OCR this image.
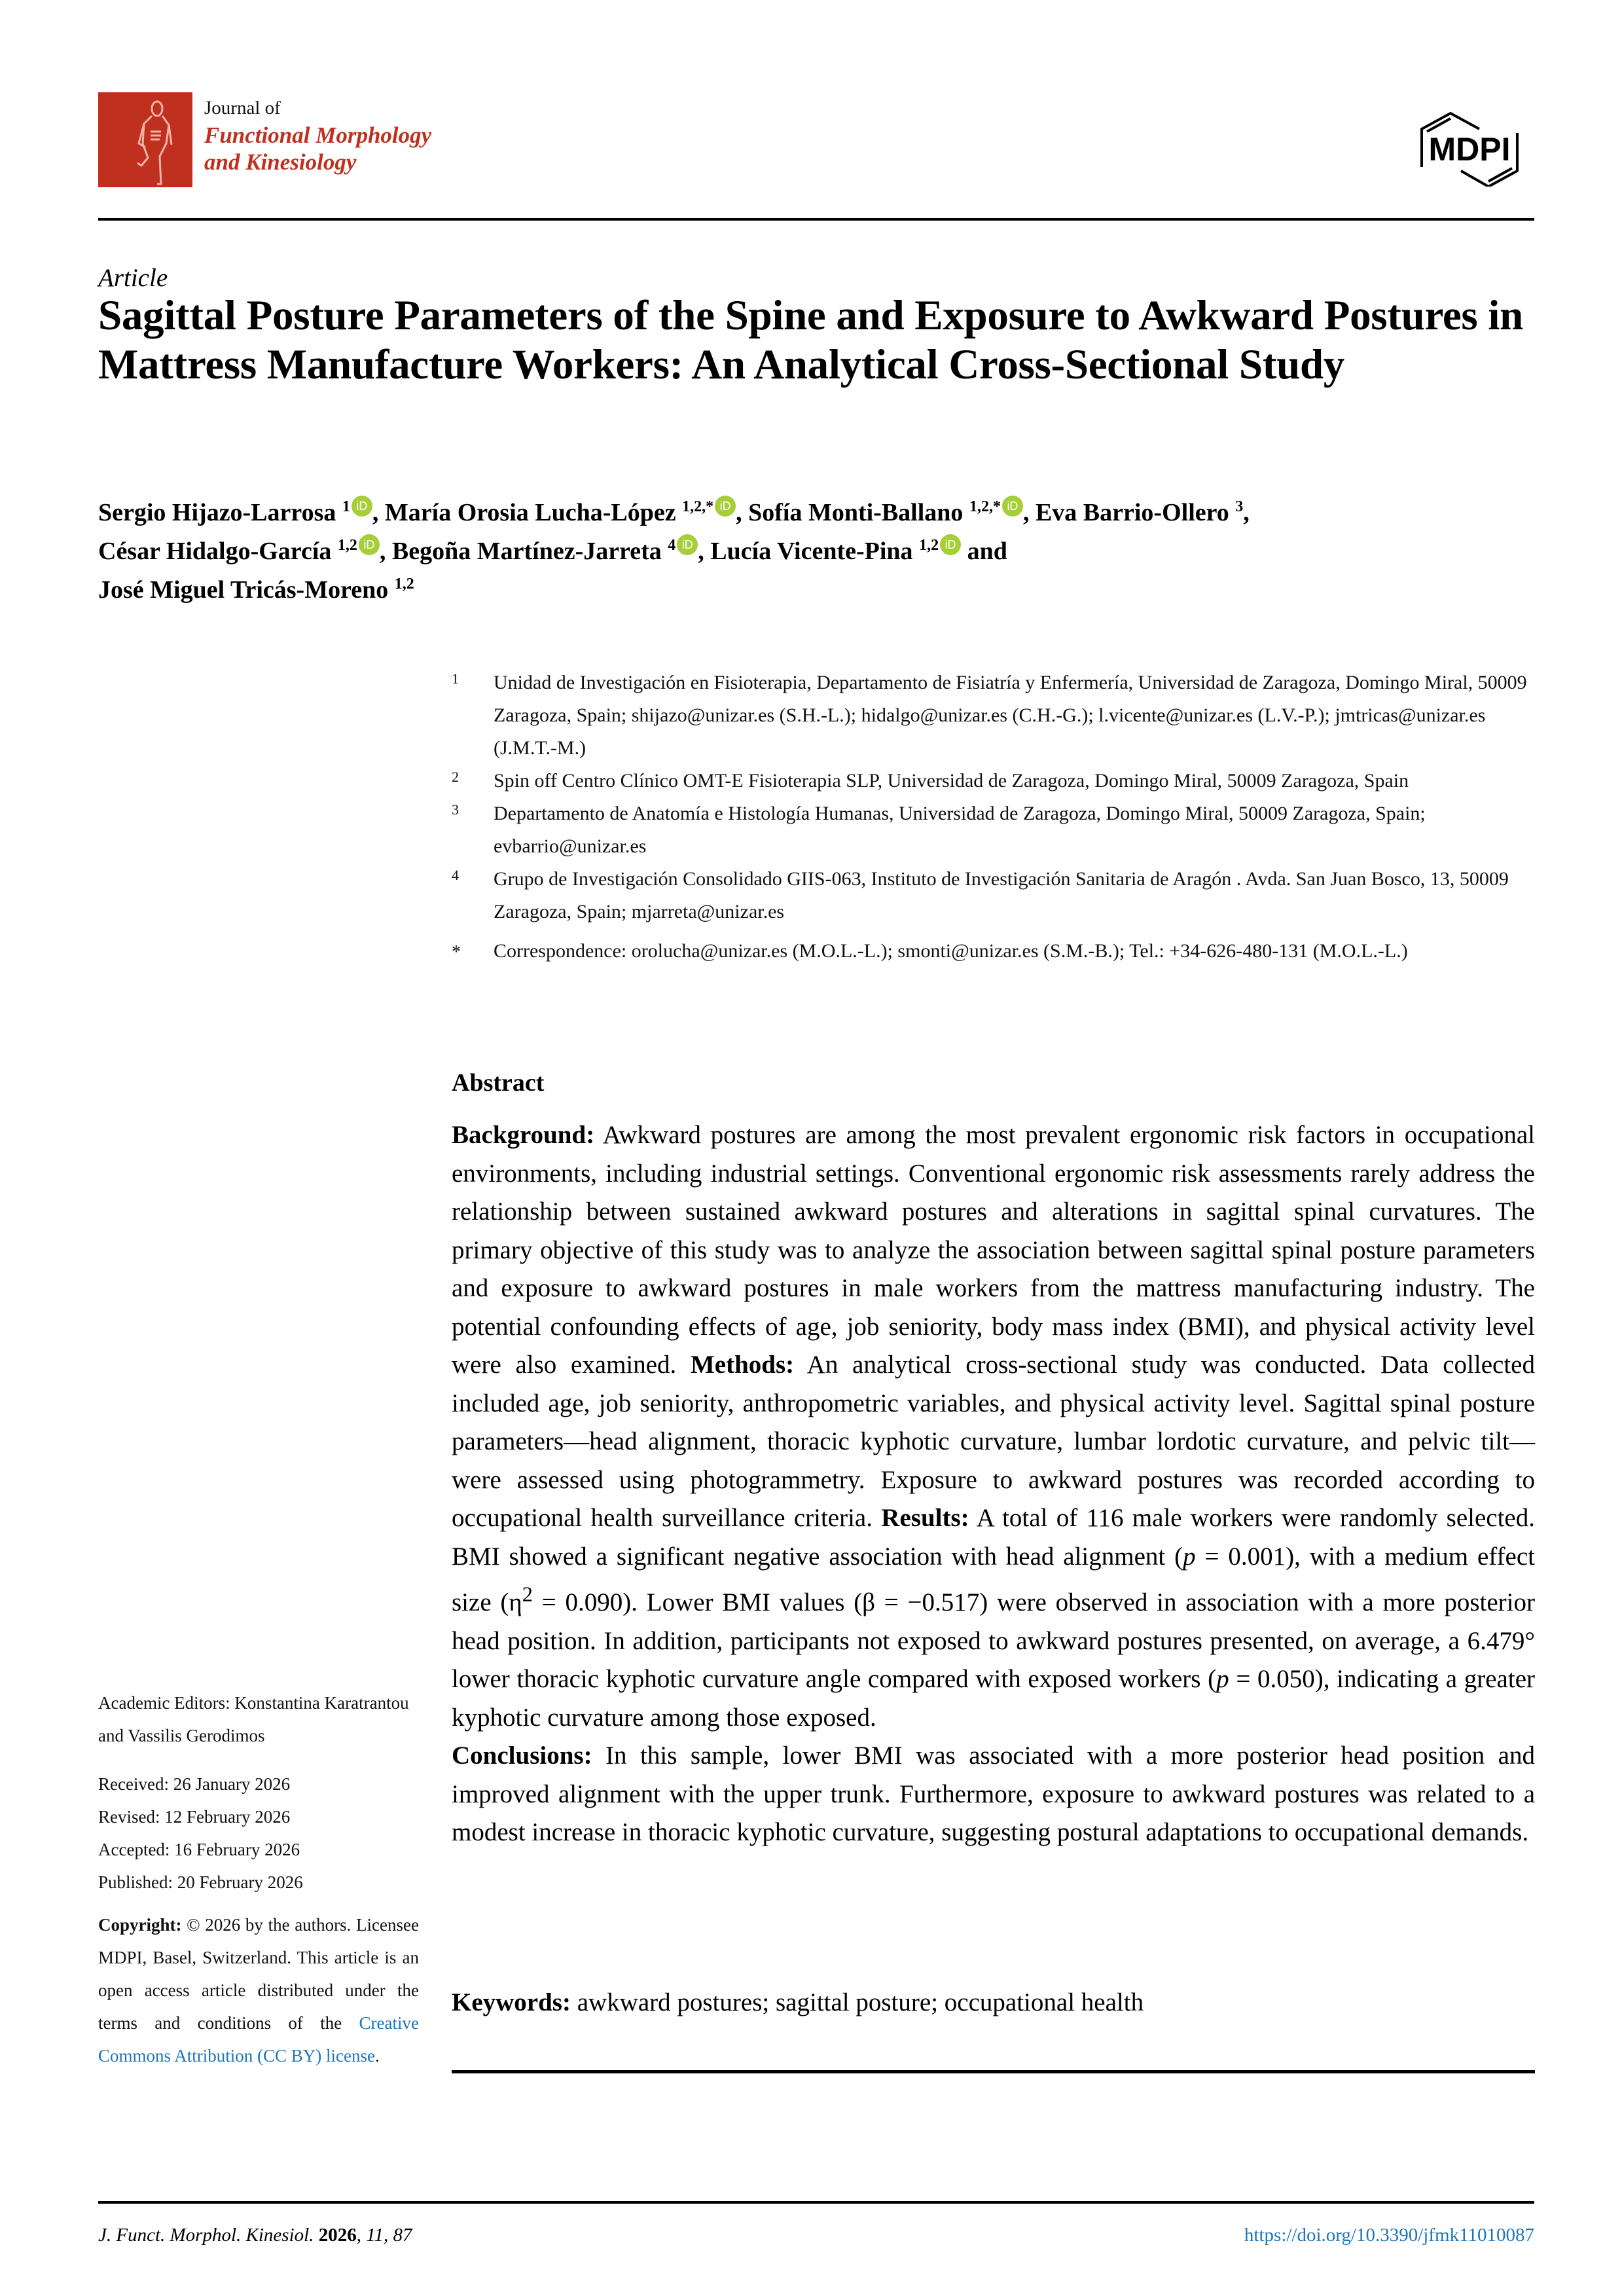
Journal of
Functional Morphology
and Kinesiology	MDPI
Article
Sagittal Posture Parameters of the Spine and Exposure to Awkward Postures in Mattress Manufacture Workers: An Analytical Cross-Sectional Study
Sergio Hijazo-Larrosa $^1$ iD , María Orosia Lucha-López $^{1,2,*}$ iD , Sofía Monti-Ballano $^{1,2,*}$ iD , Eva Barrio-Ollero $^3$,
César Hidalgo-García $^{1,2}$ iD , Begoña Martínez-Jarreta $^4$ iD , Lucía Vicente-Pina $^{1,2}$ iD and
José Miguel Tricás-Moreno $^{1,2}$
1 Unidad de Investigación en Fisioterapia, Departamento de Fisiatría y Enfermería, Universidad de Zaragoza, Domingo Miral, 50009 Zaragoza, Spain; shijazo@unizar.es (S.H.-L.); hidalgo@unizar.es (C.H.-G.); l.vicente@unizar.es (L.V.-P.); jmtricas@unizar.es (J.M.T.-M.)
2 Spin off Centro Clínico OMT-E Fisioterapia SLP, Universidad de Zaragoza, Domingo Miral, 50009 Zaragoza, Spain
3 Departamento de Anatomía e Histología Humanas, Universidad de Zaragoza, Domingo Miral, 50009 Zaragoza, Spain; evbarrio@unizar.es
4 Grupo de Investigación Consolidado GIIS-063, Instituto de Investigación Sanitaria de Aragón . Avda. San Juan Bosco, 13, 50009 Zaragoza, Spain; mjarreta@unizar.es
* Correspondence: orolucha@unizar.es (M.O.L.-L.); smonti@unizar.es (S.M.-B.); Tel.: +34-626-480-131 (M.O.L.-L.)
Abstract
Background: Awkward postures are among the most prevalent ergonomic risk factors in occupational environments, including industrial settings. Conventional ergonomic risk assessments rarely address the relationship between sustained awkward postures and alterations in sagittal spinal curvatures. The primary objective of this study was to analyze the association between sagittal spinal posture parameters and exposure to awkward postures in male workers from the mattress manufacturing industry. The potential confounding effects of age, job seniority, body mass index (BMI), and physical activity level were also examined. Methods: An analytical cross-sectional study was conducted. Data collected included age, job seniority, anthropometric variables, and physical activity level. Sagittal spinal posture parameters—head alignment, thoracic kyphotic curvature, lumbar lordotic curvature, and pelvic tilt—were assessed using photogrammetry. Exposure to awkward postures was recorded according to occupational health surveillance criteria. Results: A total of 116 male workers were randomly selected. BMI showed a significant negative association with head alignment (p = 0.001), with a medium effect size $(\eta^2 = 0.090)$. Lower BMI values (β = −0.517) were observed in association with a more posterior head position. In addition, participants not exposed to awkward postures presented, on average, a 6.479° lower thoracic kyphotic curvature angle compared with exposed workers (p = 0.050), indicating a greater kyphotic curvature among those exposed.
Conclusions: In this sample, lower BMI was associated with a more posterior head position and improved alignment with the upper trunk. Furthermore, exposure to awkward postures was related to a modest increase in thoracic kyphotic curvature, suggesting postural adaptations to occupational demands.
Keywords: awkward postures; sagittal posture; occupational health
Academic Editors: Konstantina Karatrantou and Vassilis Gerodimos
Received: 26 January 2026
Revised: 12 February 2026
Accepted: 16 February 2026
Published: 20 February 2026
Copyright: © 2026 by the authors. Licensee MDPI, Basel, Switzerland. This article is an open access article distributed under the terms and conditions of the Creative Commons Attribution (CC BY) license.
J. Funct. Morphol. Kinesiol. 2026, 11, 87	https://doi.org/10.3390/jfmk11010087
